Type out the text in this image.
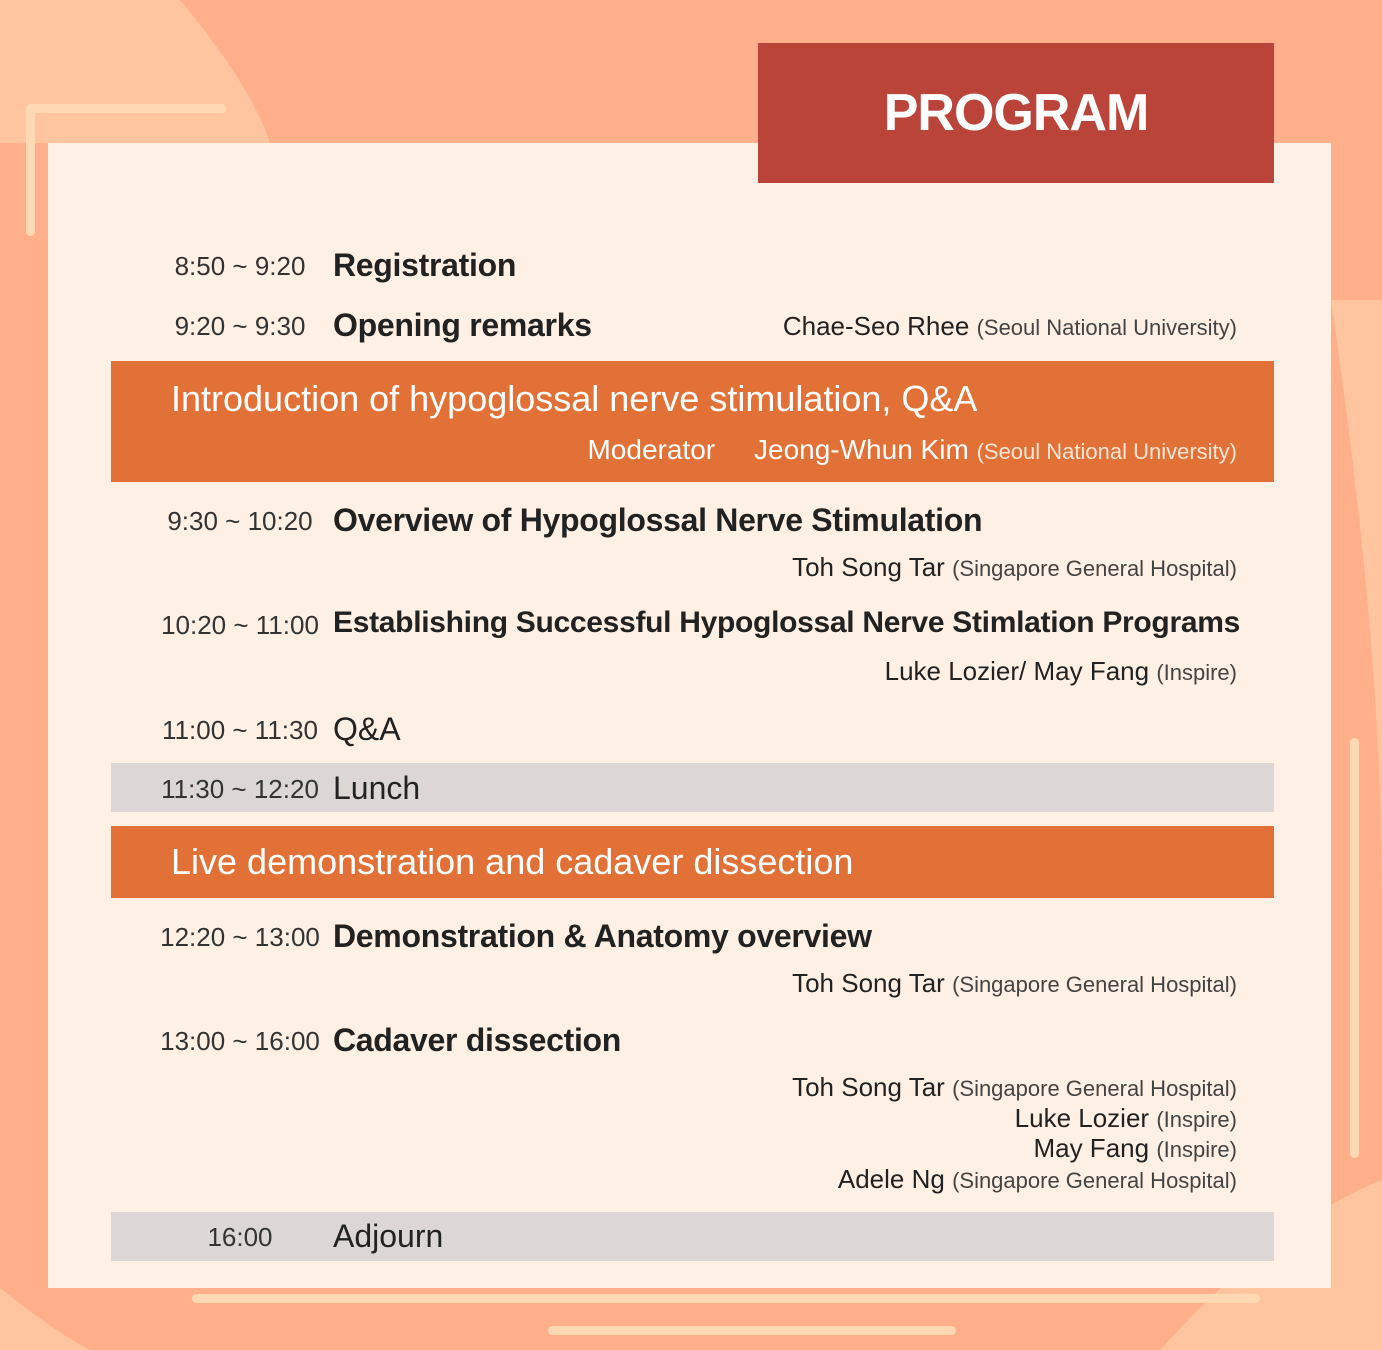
PROGRAM
8:50 ~ 9:20 Registration
9:20 ~ 9:30 Opening remarks	Chae-Seo Rhee (Seoul National University)
Introduction of hypoglossal nerve stimulation, Q&A
Moderator Jeong-Whun Kim (Seoul National University)
9:30 ~ 10:20 Overview of Hypoglossal Nerve Stimulation
Toh Song Tar (Singapore General Hospital)
10:20 ~ 11:00 Establishing Successful Hypoglossal Nerve Stimlation Programs
Luke Lozier/ May Fang (Inspire)
11:00 ~ 11:30 Q&A
11:30 ~ 12:20 Lunch
Live demonstration and cadaver dissection
12:20 ~ 13:00 Demonstration & Anatomy overview
Toh Song Tar (Singapore General Hospital)
13:00 ~ 16:00 Cadaver dissection
Toh Song Tar (Singapore General Hospital)
Luke Lozier (Inspire)
May Fang (Inspire)
Adele Ng (Singapore General Hospital)
16:00	Adjourn
